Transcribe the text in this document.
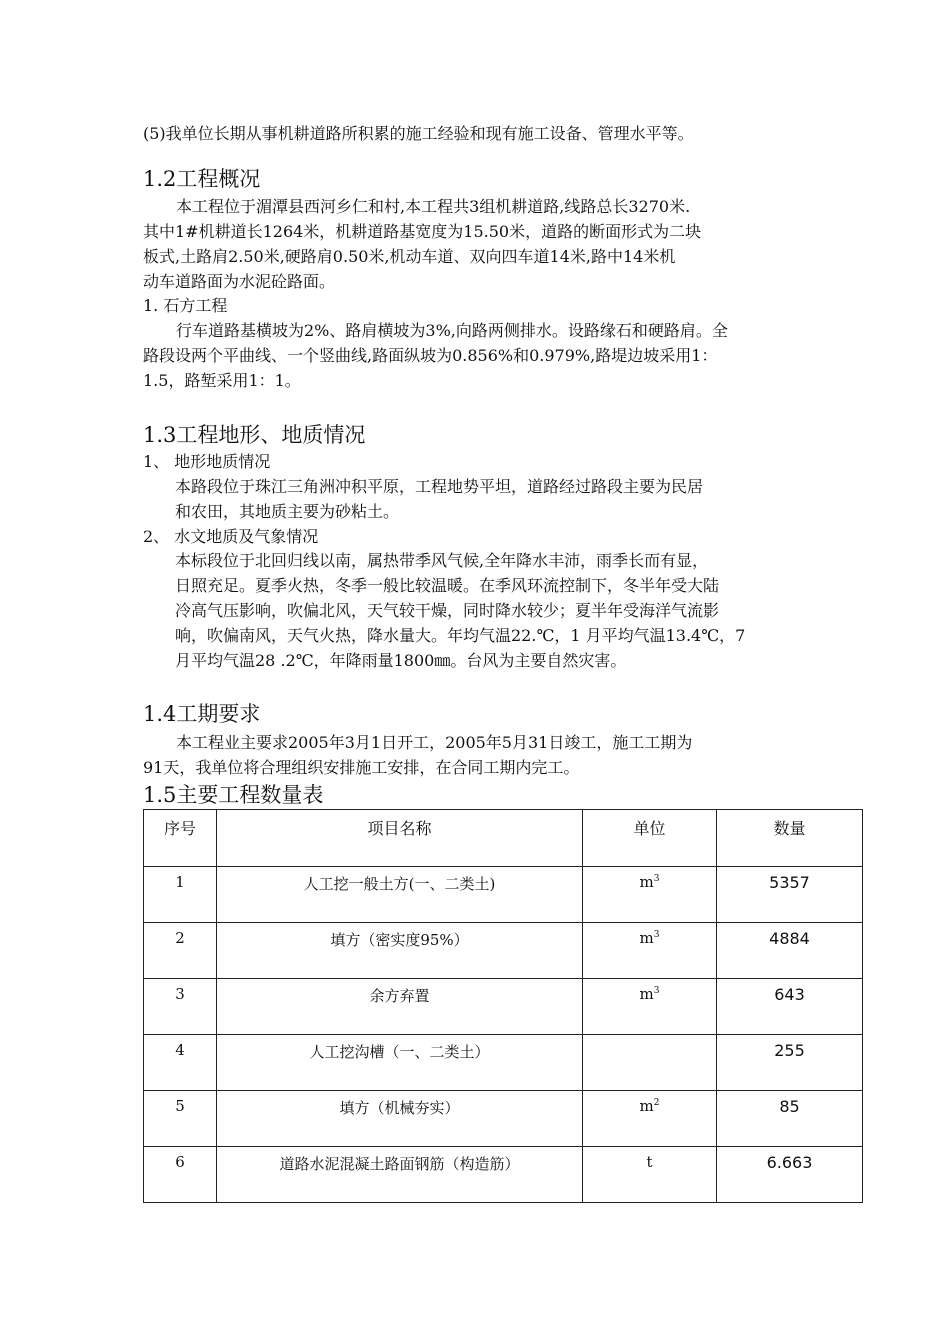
(5)我单位长期从事机耕道路所积累的施工经验和现有施工设备、管理水平等。
1.2工程概况
本工程位于湄潭县西河乡仁和村,本工程共3组机耕道路,线路总长3270米.
其中1#机耕道长1264米，机耕道路基宽度为15.50米，道路的断面形式为二块
板式,土路肩2.50米,硬路肩0.50米,机动车道、双向四车道14米,路中14米机
动车道路面为水泥砼路面。
1. 石方工程
行车道路基横坡为2%、路肩横坡为3%,向路两侧排水。设路缘石和硬路肩。全
路段设两个平曲线、一个竖曲线,路面纵坡为0.856%和0.979%,路堤边坡采用1：
1.5，路堑采用1：1。
1.3工程地形、地质情况
1、 地形地质情况
本路段位于珠江三角洲冲积平原，工程地势平坦，道路经过路段主要为民居
和农田，其地质主要为砂粘土。
2、 水文地质及气象情况
本标段位于北回归线以南，属热带季风气候,全年降水丰沛，雨季长而有显，
日照充足。夏季火热，冬季一般比较温暖。在季风环流控制下，冬半年受大陆
冷高气压影响，吹偏北风，天气较干燥，同时降水较少；夏半年受海洋气流影
响，吹偏南风，天气火热，降水量大。年均气温22.℃，1 月平均气温13.4℃，7
月平均气温28 .2℃，年降雨量1800㎜。台风为主要自然灾害。
1.4工期要求
本工程业主要求2005年3月1日开工，2005年5月31日竣工，施工工期为
91天，我单位将合理组织安排施工安排，在合同工期内完工。
1.5主要工程数量表
序号	项目名称	单位	数量
1	人工挖一般土方(一、二类土)	$m^3$	5357
2	填方（密实度95%）	$m^3$	4884
3	余方弃置	$m^3$	643
4	人工挖沟槽（一、二类土）		255
5	填方（机械夯实）	$m^2$	85
6	道路水泥混凝土路面钢筋（构造筋）	t	6.663
